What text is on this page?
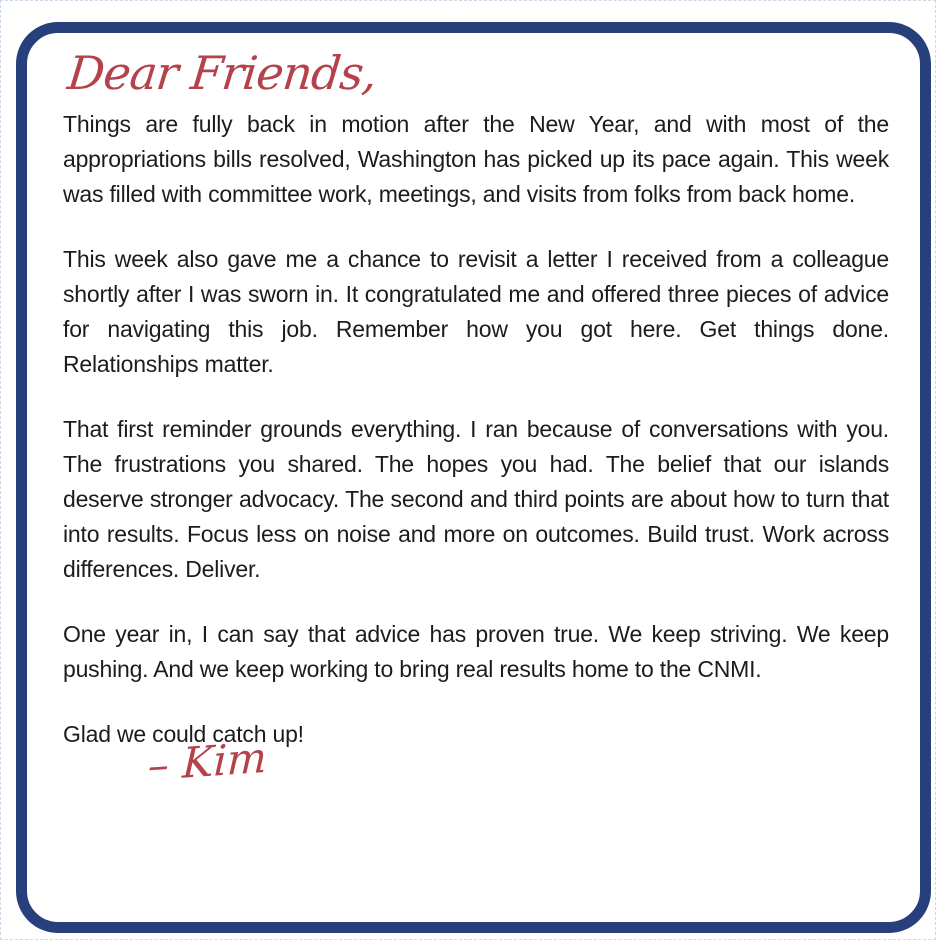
Dear Friends,

Things are fully back in motion after the New Year, and with most of the appropriations bills resolved, Washington has picked up its pace again. This week was filled with committee work, meetings, and visits from folks from back home.

This week also gave me a chance to revisit a letter I received from a colleague shortly after I was sworn in. It congratulated me and offered three pieces of advice for navigating this job. Remember how you got here. Get things done. Relationships matter.

That first reminder grounds everything. I ran because of conversations with you. The frustrations you shared. The hopes you had. The belief that our islands deserve stronger advocacy. The second and third points are about how to turn that into results. Focus less on noise and more on outcomes. Build trust. Work across differences. Deliver.

One year in, I can say that advice has proven true. We keep striving. We keep pushing. And we keep working to bring real results home to the CNMI.

Glad we could catch up!

– Kim
